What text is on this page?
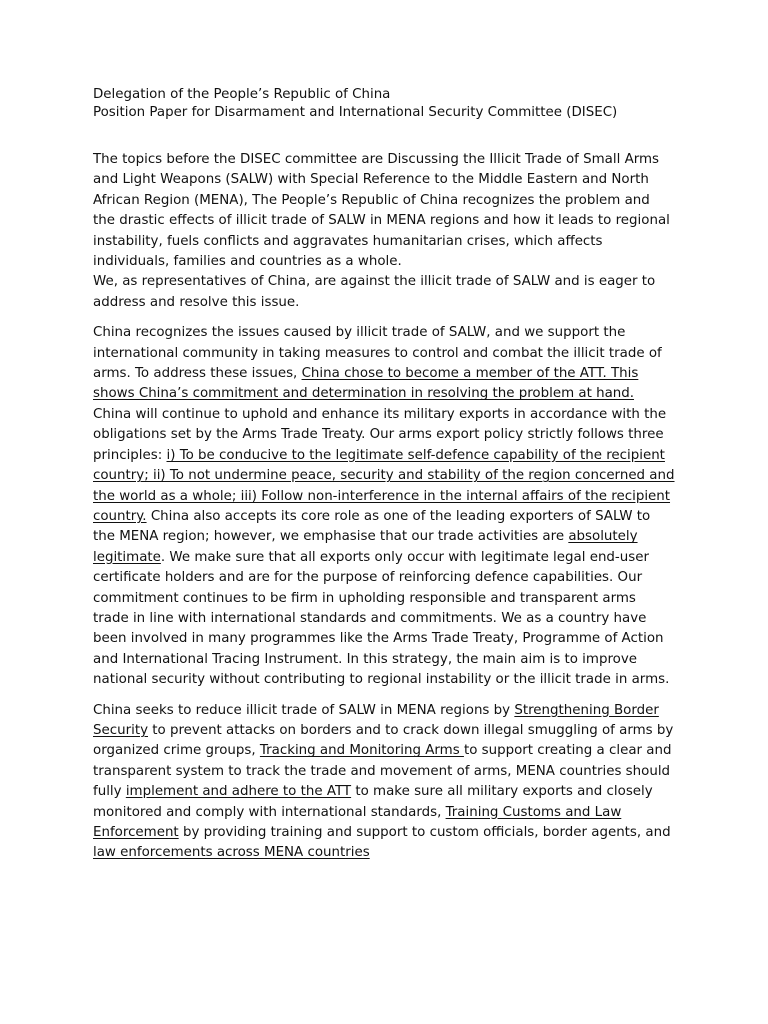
Delegation of the People’s Republic of China
Position Paper for Disarmament and International Security Committee (DISEC)

The topics before the DISEC committee are Discussing the Illicit Trade of Small Arms and Light Weapons (SALW) with Special Reference to the Middle Eastern and North African Region (MENA), The People’s Republic of China recognizes the problem and the drastic effects of illicit trade of SALW in MENA regions and how it leads to regional instability, fuels conflicts and aggravates humanitarian crises, which affects individuals, families and countries as a whole.

We, as representatives of China, are against the illicit trade of SALW and is eager to address and resolve this issue.

China recognizes the issues caused by illicit trade of SALW, and we support the international community in taking measures to control and combat the illicit trade of arms. To address these issues, China chose to become a member of the ATT. This shows China’s commitment and determination in resolving the problem at hand. China will continue to uphold and enhance its military exports in accordance with the obligations set by the Arms Trade Treaty. Our arms export policy strictly follows three principles: i) To be conducive to the legitimate self-defence capability of the recipient country; ii) To not undermine peace, security and stability of the region concerned and the world as a whole; iii) Follow non-interference in the internal affairs of the recipient country. China also accepts its core role as one of the leading exporters of SALW to the MENA region; however, we emphasise that our trade activities are absolutely legitimate. We make sure that all exports only occur with legitimate legal end-user certificate holders and are for the purpose of reinforcing defence capabilities. Our commitment continues to be firm in upholding responsible and transparent arms trade in line with international standards and commitments. We as a country have been involved in many programmes like the Arms Trade Treaty, Programme of Action and International Tracing Instrument. In this strategy, the main aim is to improve national security without contributing to regional instability or the illicit trade in arms.

China seeks to reduce illicit trade of SALW in MENA regions by Strengthening Border Security to prevent attacks on borders and to crack down illegal smuggling of arms by organized crime groups, Tracking and Monitoring Arms to support creating a clear and transparent system to track the trade and movement of arms, MENA countries should fully implement and adhere to the ATT to make sure all military exports and closely monitored and comply with international standards, Training Customs and Law Enforcement by providing training and support to custom officials, border agents, and law enforcements across MENA countries
